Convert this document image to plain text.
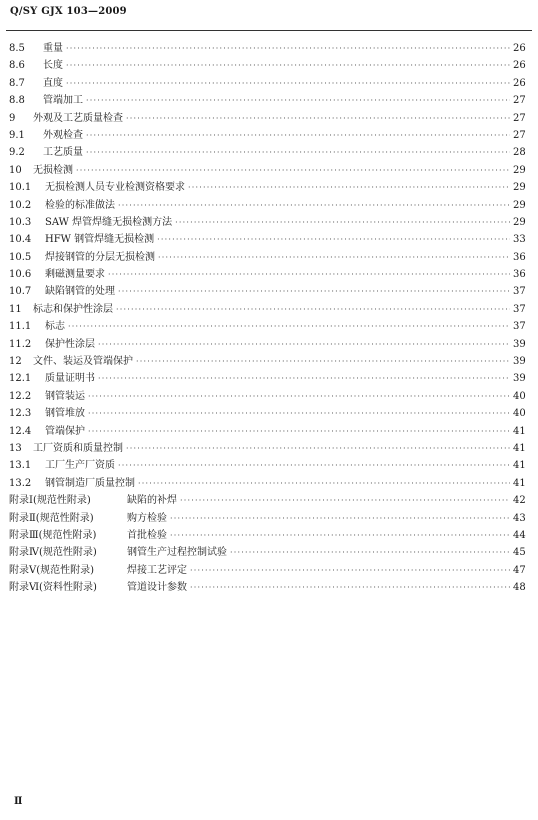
Q/SY GJX 103—2009
8.5	重量 ·····	26
8.6	长度 ·····	26
8.7	直度 ·····	26
8.8	管端加工 ·····	27
9	外观及工艺质量检查 ·····	27
9.1	外观检查 ·····	27
9.2	工艺质量 ·····	28
10	无损检测 ·····	29
10.1	无损检测人员专业检测资格要求 ·····	29
10.2	检验的标准做法 ·····	29
10.3	SAW 焊管焊缝无损检测方法 ·····	29
10.4	HFW 钢管焊缝无损检测 ·····	33
10.5	焊接钢管的分层无损检测 ·····	36
10.6	剩磁测量要求 ·····	36
10.7	缺陷钢管的处理 ·····	37
11	标志和保护性涂层 ·····	37
11.1	标志 ·····	37
11.2	保护性涂层 ·····	39
12	文件、装运及管端保护 ·····	39
12.1	质量证明书 ·····	39
12.2	钢管装运 ·····	40
12.3	钢管堆放 ·····	40
12.4	管端保护 ·····	41
13	工厂资质和质量控制 ·····	41
13.1	工厂生产厂资质 ·····	41
13.2	钢管制造厂质量控制 ·····	41
附录Ⅰ(规范性附录)	缺陷的补焊 ·····	42
附录Ⅱ(规范性附录)	购方检验 ·····	43
附录Ⅲ(规范性附录)	首批检验 ·····	44
附录Ⅳ(规范性附录)	钢管生产过程控制试验 ·····	45
附录Ⅴ(规范性附录)	焊接工艺评定 ·····	47
附录Ⅵ(资料性附录)	管道设计参数 ·····	48
Ⅱ
